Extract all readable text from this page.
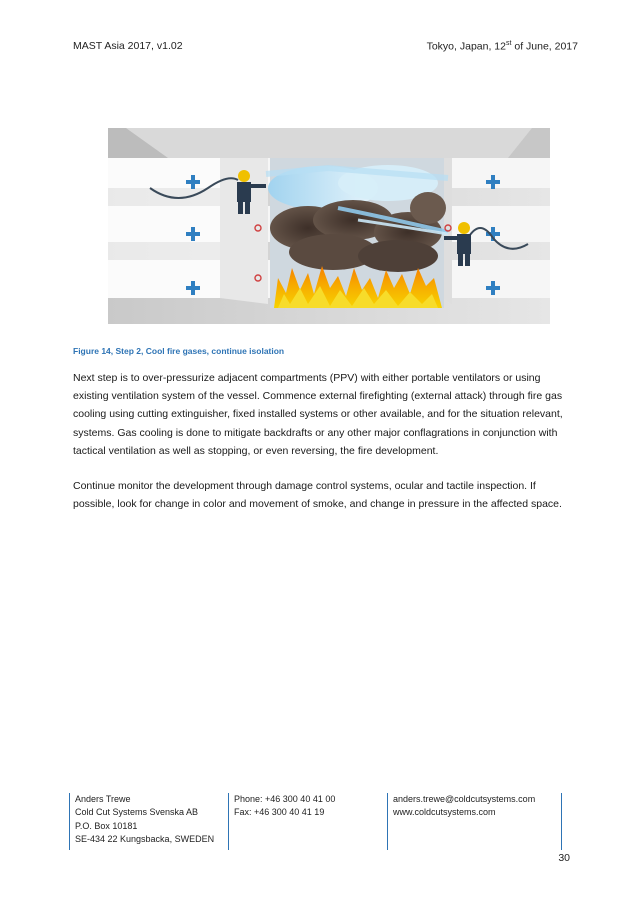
MAST Asia 2017, v1.02	Tokyo, Japan, 12st of June, 2017
Figure 14, Step 2, Cool fire gases, continue isolation

Next step is to over-pressurize adjacent compartments (PPV) with either portable ventilators or using existing ventilation system of the vessel. Commence external firefighting (external attack) through fire gas cooling using cutting extinguisher, fixed installed systems or other available, and for the situation relevant, systems. Gas cooling is done to mitigate backdrafts or any other major conflagrations in conjunction with tactical ventilation as well as stopping, or even reversing, the fire development.

Continue monitor the development through damage control systems, ocular and tactile inspection. If possible, look for change in color and movement of smoke, and change in pressure in the affected space.

Anders Trewe
Cold Cut Systems Svenska AB
P.O. Box 10181
SE-434 22 Kungsbacka, SWEDEN
Phone: +46 300 40 41 00
Fax: +46 300 40 41 19
anders.trewe@coldcutsystems.com
www.coldcutsystems.com
30
